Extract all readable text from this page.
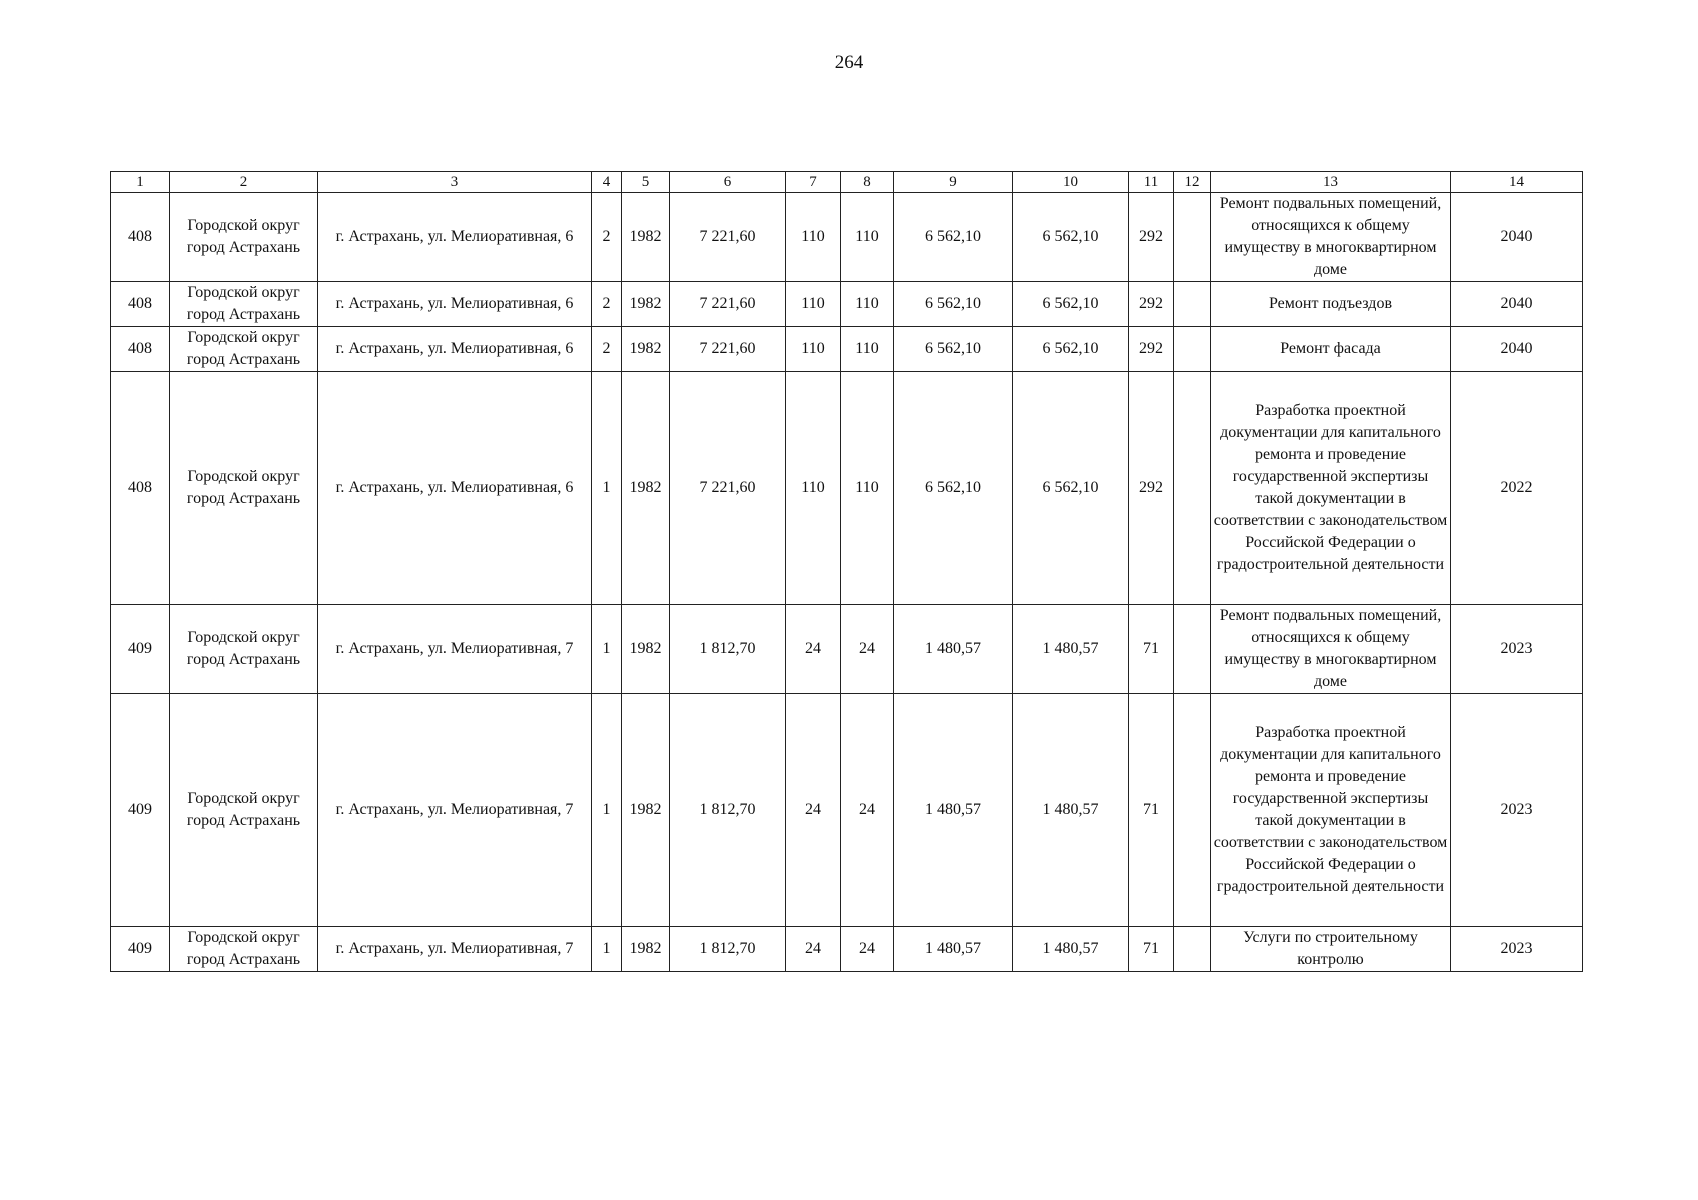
264
1	2	3	4	5	6	7	8	9	10	11	12	13	14
408	Городской округ город Астрахань	г. Астрахань, ул. Мелиоративная, 6	2	1982	7 221,60	110	110	6 562,10	6 562,10	292		Ремонт подвальных помещений, относящихся к общему имуществу в многоквартирном доме	2040
408	Городской округ город Астрахань	г. Астрахань, ул. Мелиоративная, 6	2	1982	7 221,60	110	110	6 562,10	6 562,10	292		Ремонт подъездов	2040
408	Городской округ город Астрахань	г. Астрахань, ул. Мелиоративная, 6	2	1982	7 221,60	110	110	6 562,10	6 562,10	292		Ремонт фасада	2040
408	Городской округ город Астрахань	г. Астрахань, ул. Мелиоративная, 6	1	1982	7 221,60	110	110	6 562,10	6 562,10	292		Разработка проектной документации для капитального ремонта и проведение государственной экспертизы такой документации в соответствии с законодательством Российской Федерации о градостроительной деятельности	2022
409	Городской округ город Астрахань	г. Астрахань, ул. Мелиоративная, 7	1	1982	1 812,70	24	24	1 480,57	1 480,57	71		Ремонт подвальных помещений, относящихся к общему имуществу в многоквартирном доме	2023
409	Городской округ город Астрахань	г. Астрахань, ул. Мелиоративная, 7	1	1982	1 812,70	24	24	1 480,57	1 480,57	71		Разработка проектной документации для капитального ремонта и проведение государственной экспертизы такой документации в соответствии с законодательством Российской Федерации о градостроительной деятельности	2023
409	Городской округ город Астрахань	г. Астрахань, ул. Мелиоративная, 7	1	1982	1 812,70	24	24	1 480,57	1 480,57	71		Услуги по строительному контролю	2023
